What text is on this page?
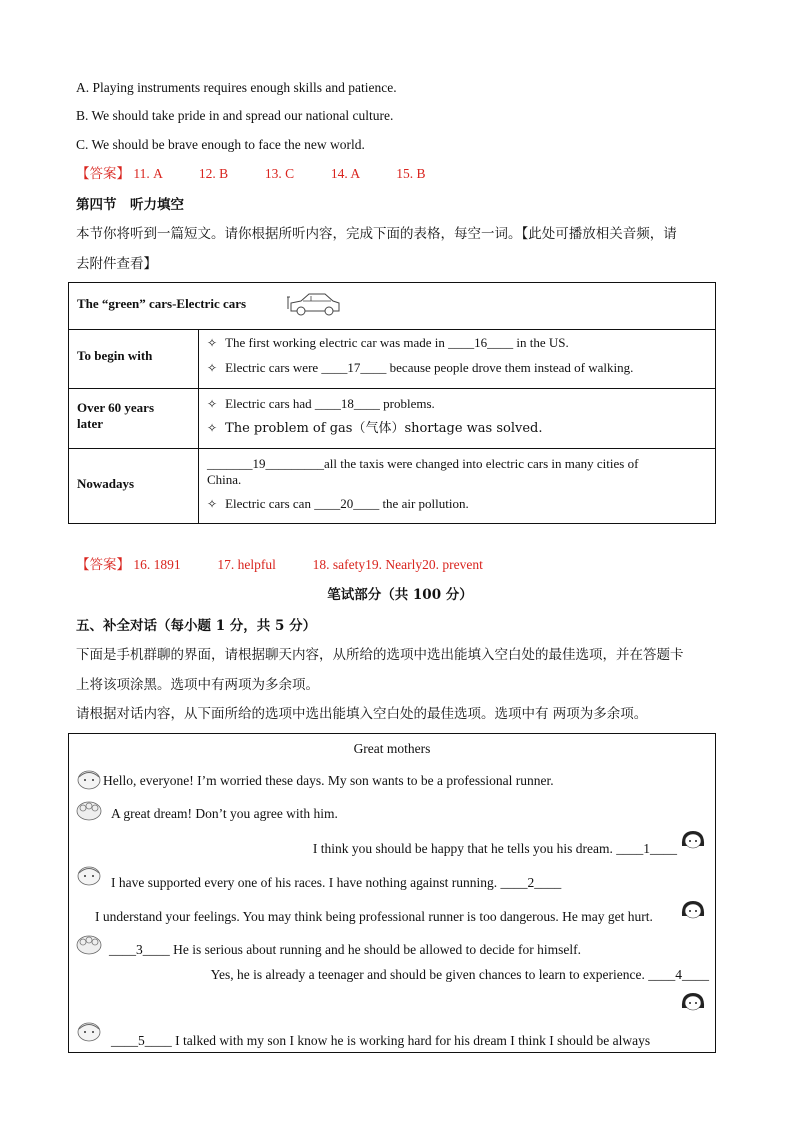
A. Playing instruments requires enough skills and patience.
B. We should take pride in and spread our national culture.
C. We should be brave enough to face the new world.
【答案】 11. A	12. B	13. C	14. A	15. B
第四节　听力填空
本节你将听到一篇短文。请你根据所听内容，完成下面的表格，每空一词。【此处可播放相关音频，请
去附件查看】
The “green” cars-Electric cars
To begin with
✧ The first working electric car was made in ____16____ in the US.
✧ Electric cars were ____17____ because people drove them instead of walking.
Over 60 years
later
✧ Electric cars had ____18____ problems.
✧ The problem of gas（气体）shortage was solved.
Nowadays
_______19_________all the taxis were changed into electric cars in many cities of
China.
✧ Electric cars can ____20____ the air pollution.
【答案】 16. 1891	17. helpful	18. safety19. Nearly20. prevent
笔试部分（共 100 分）
五、补全对话（每小题 1 分，共 5 分）
下面是手机群聊的界面，请根据聊天内容，从所给的选项中选出能填入空白处的最佳选项，并在答题卡
上将该项涂黑。选项中有两项为多余项。
请根据对话内容，从下面所给的选项中选出能填入空白处的最佳选项。选项中有 两项为多余项。
Great mothers
Hello, everyone! I’m worried these days. My son wants to be a professional runner.
A great dream! Don’t you agree with him.
I think you should be happy that he tells you his dream. ____1____
I have supported every one of his races. I have nothing against running. ____2____
I understand your feelings. You may think being professional runner is too dangerous. He may get hurt.
____3____ He is serious about running and he should be allowed to decide for himself.
Yes, he is already a teenager and should be given chances to learn to experience. ____4____
____5____ I talked with my son I know he is working hard for his dream I think I should be always
